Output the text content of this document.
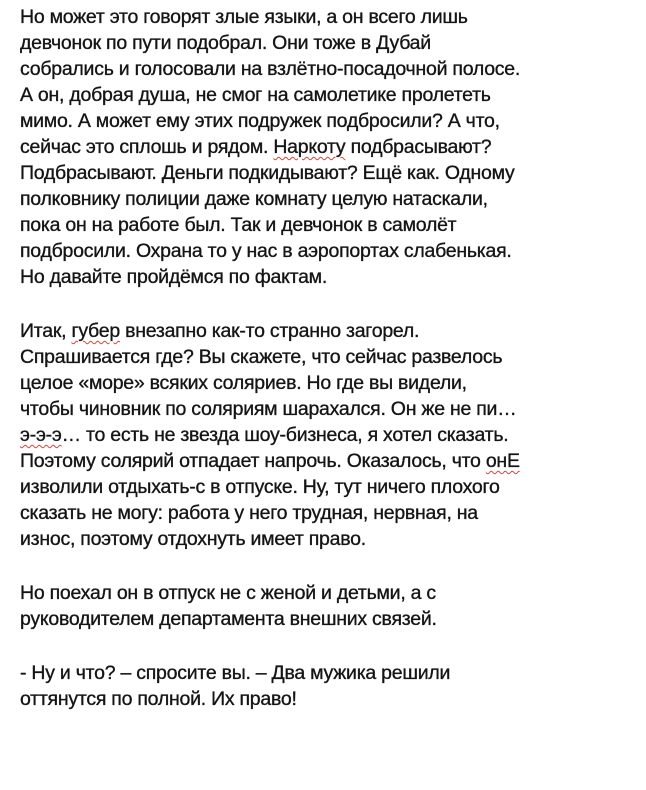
Но может это говорят злые языки, а он всего лишь
девчонок по пути подобрал. Они тоже в Дубай
собрались и голосовали на взлётно-посадочной полосе.
А он, добрая душа, не смог на самолетике пролететь
мимо. А может ему этих подружек подбросили? А что,
сейчас это сплошь и рядом. Наркоту подбрасывают?
Подбрасывают. Деньги подкидывают? Ещё как. Одному
полковнику полиции даже комнату целую натаскали,
пока он на работе был. Так и девчонок в самолёт
подбросили. Охрана то у нас в аэропортах слабенькая.
Но давайте пройдёмся по фактам.

Итак, губер внезапно как-то странно загорел.
Спрашивается где? Вы скажете, что сейчас развелось
целое «море» всяких соляриев. Но где вы видели,
чтобы чиновник по соляриям шарахался. Он же не пи…
э-э-э… то есть не звезда шоу-бизнеса, я хотел сказать.
Поэтому солярий отпадает напрочь. Оказалось, что онЕ
изволили отдыхать-с в отпуске. Ну, тут ничего плохого
сказать не могу: работа у него трудная, нервная, на
износ, поэтому отдохнуть имеет право.

Но поехал он в отпуск не с женой и детьми, а с
руководителем департамента внешних связей.

- Ну и что? – спросите вы. – Два мужика решили
оттянутся по полной. Их право!
